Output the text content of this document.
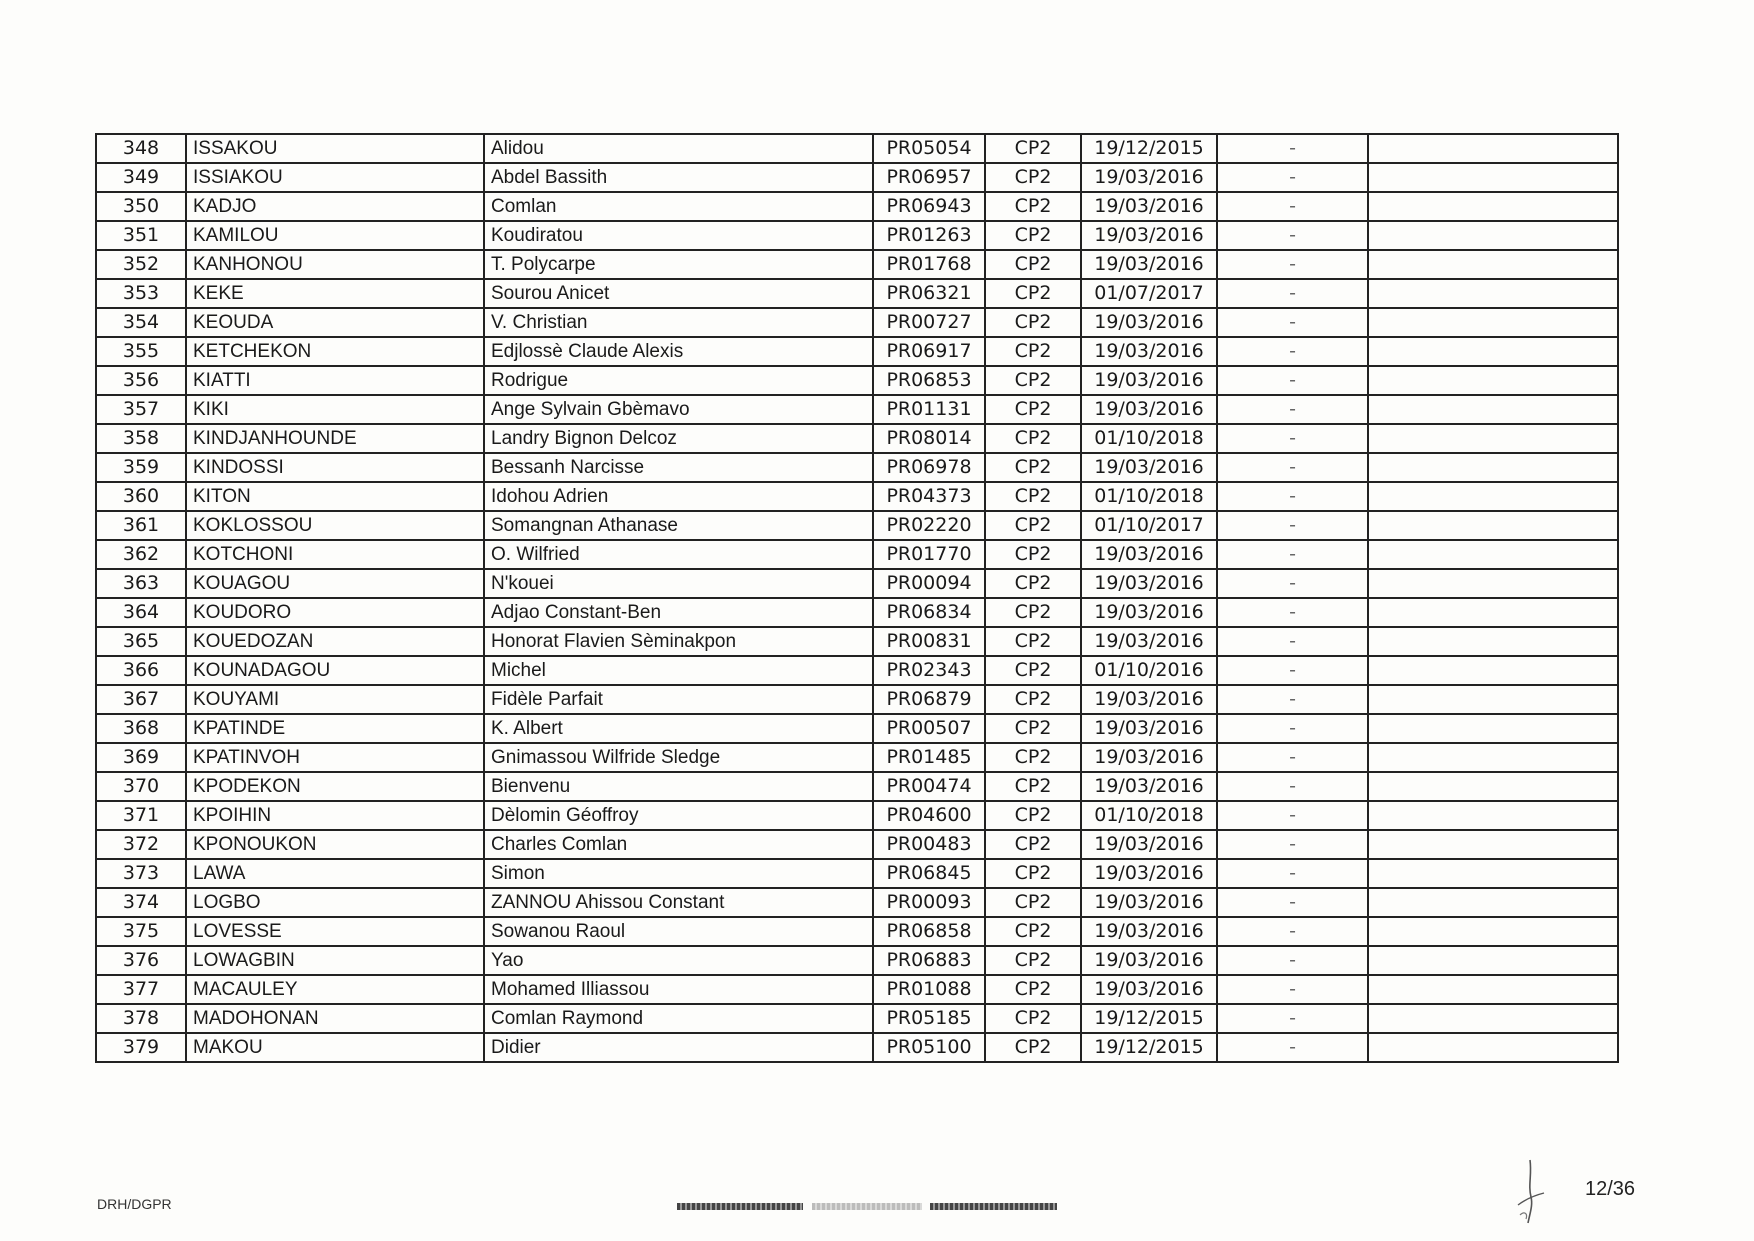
348	ISSAKOU	Alidou	PR05054	CP2	19/12/2015	-	
349	ISSIAKOU	Abdel Bassith	PR06957	CP2	19/03/2016	-	
350	KADJO	Comlan	PR06943	CP2	19/03/2016	-	
351	KAMILOU	Koudiratou	PR01263	CP2	19/03/2016	-	
352	KANHONOU	T. Polycarpe	PR01768	CP2	19/03/2016	-	
353	KEKE	Sourou Anicet	PR06321	CP2	01/07/2017	-	
354	KEOUDA	V. Christian	PR00727	CP2	19/03/2016	-	
355	KETCHEKON	Edjlossè Claude Alexis	PR06917	CP2	19/03/2016	-	
356	KIATTI	Rodrigue	PR06853	CP2	19/03/2016	-	
357	KIKI	Ange Sylvain Gbèmavo	PR01131	CP2	19/03/2016	-	
358	KINDJANHOUNDE	Landry Bignon Delcoz	PR08014	CP2	01/10/2018	-	
359	KINDOSSI	Bessanh Narcisse	PR06978	CP2	19/03/2016	-	
360	KITON	Idohou Adrien	PR04373	CP2	01/10/2018	-	
361	KOKLOSSOU	Somangnan Athanase	PR02220	CP2	01/10/2017	-	
362	KOTCHONI	O. Wilfried	PR01770	CP2	19/03/2016	-	
363	KOUAGOU	N'kouei	PR00094	CP2	19/03/2016	-	
364	KOUDORO	Adjao Constant-Ben	PR06834	CP2	19/03/2016	-	
365	KOUEDOZAN	Honorat Flavien Sèminakpon	PR00831	CP2	19/03/2016	-	
366	KOUNADAGOU	Michel	PR02343	CP2	01/10/2016	-	
367	KOUYAMI	Fidèle Parfait	PR06879	CP2	19/03/2016	-	
368	KPATINDE	K. Albert	PR00507	CP2	19/03/2016	-	
369	KPATINVOH	Gnimassou Wilfride Sledge	PR01485	CP2	19/03/2016	-	
370	KPODEKON	Bienvenu	PR00474	CP2	19/03/2016	-	
371	KPOIHIN	Dèlomin Géoffroy	PR04600	CP2	01/10/2018	-	
372	KPONOUKON	Charles Comlan	PR00483	CP2	19/03/2016	-	
373	LAWA	Simon	PR06845	CP2	19/03/2016	-	
374	LOGBO	ZANNOU Ahissou Constant	PR00093	CP2	19/03/2016	-	
375	LOVESSE	Sowanou Raoul	PR06858	CP2	19/03/2016	-	
376	LOWAGBIN	Yao	PR06883	CP2	19/03/2016	-	
377	MACAULEY	Mohamed Illiassou	PR01088	CP2	19/03/2016	-	
378	MADOHONAN	Comlan Raymond	PR05185	CP2	19/12/2015	-	
379	MAKOU	Didier	PR05100	CP2	19/12/2015	-	
DRH/DGPR
12/36
